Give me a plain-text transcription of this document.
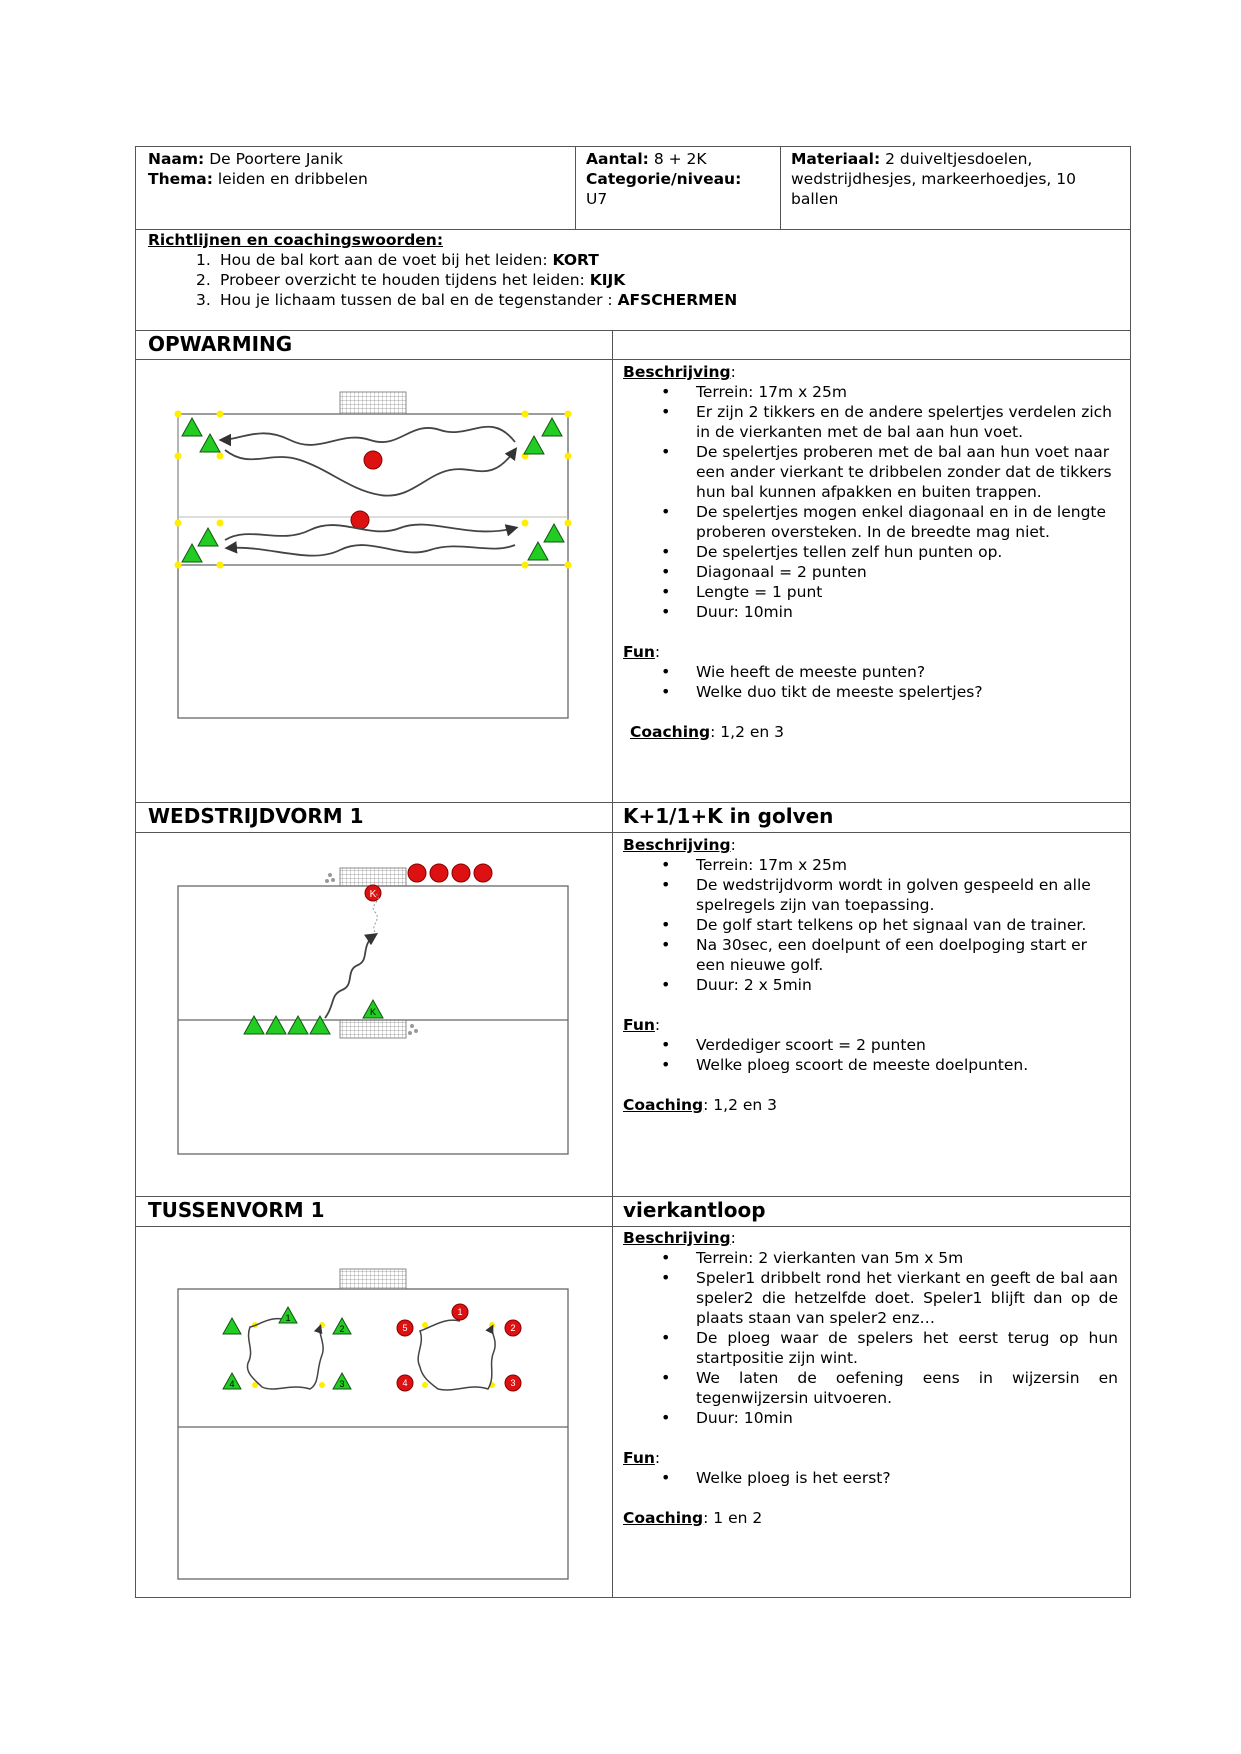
Naam: De Poortere Janik
Thema: leiden en dribbelen
Aantal: 8 + 2K
Categorie/niveau:
U7
Materiaal: 2 duiveltjesdoelen,
wedstrijdhesjes, markeerhoedjes, 10
ballen
Richtlijnen en coachingswoorden:
1. Hou de bal kort aan de voet bij het leiden: KORT
2. Probeer overzicht te houden tijdens het leiden: KIJK
3. Hou je lichaam tussen de bal en de tegenstander : AFSCHERMEN
OPWARMING
Beschrijving:
• Terrein: 17m x 25m
• Er zijn 2 tikkers en de andere spelertjes verdelen zich in de vierkanten met de bal aan hun voet.
• De spelertjes proberen met de bal aan hun voet naar een ander vierkant te dribbelen zonder dat de tikkers hun bal kunnen afpakken en buiten trappen.
• De spelertjes mogen enkel diagonaal en in de lengte proberen oversteken. In de breedte mag niet.
• De spelertjes tellen zelf hun punten op.
• Diagonaal = 2 punten
• Lengte = 1 punt
• Duur: 10min
Fun:
• Wie heeft de meeste punten?
• Welke duo tikt de meeste spelertjes?
Coaching: 1,2 en 3
WEDSTRIJDVORM 1	K+1/1+K in golven
Beschrijving:
• Terrein: 17m x 25m
• De wedstrijdvorm wordt in golven gespeeld en alle spelregels zijn van toepassing.
• De golf start telkens op het signaal van de trainer.
• Na 30sec, een doelpunt of een doelpoging start er een nieuwe golf.
• Duur: 2 x 5min
Fun:
• Verdediger scoort = 2 punten
• Welke ploeg scoort de meeste doelpunten.
Coaching: 1,2 en 3
TUSSENVORM 1	vierkantloop
Beschrijving:
• Terrein: 2 vierkanten van 5m x 5m
• Speler1 dribbelt rond het vierkant en geeft de bal aan speler2 die hetzelfde doet. Speler1 blijft dan op de plaats staan van speler2 enz…
• De ploeg waar de spelers het eerst terug op hun startpositie zijn wint.
• We laten de oefening eens in wijzersin en tegenwijzersin uitvoeren.
• Duur: 10min
Fun:
• Welke ploeg is het eerst?
Coaching: 1 en 2
K
K
1
2
3
4
1
2
3
4
5
